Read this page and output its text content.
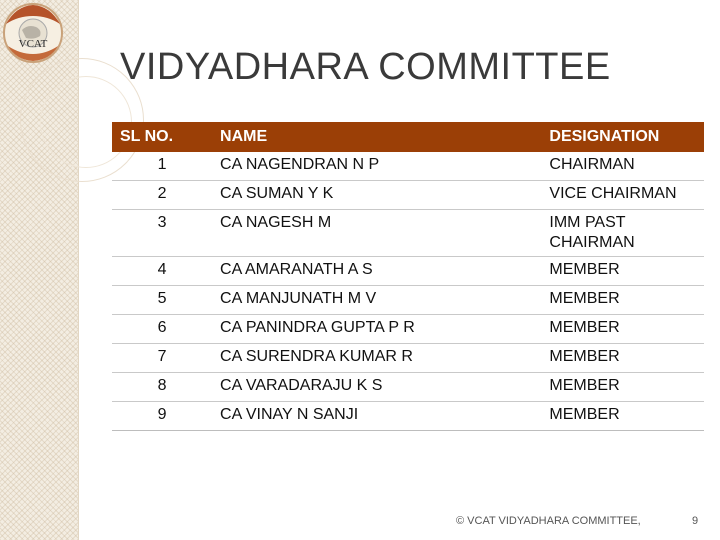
VCAT
VIDYADHARA COMMITTEE
SL NO.	NAME	DESIGNATION
1	CA NAGENDRAN N P	CHAIRMAN
2	CA SUMAN Y K	VICE CHAIRMAN
3	CA NAGESH M	IMM PAST CHAIRMAN
4	CA AMARANATH A S	MEMBER
5	CA MANJUNATH M V	MEMBER
6	CA PANINDRA GUPTA P R	MEMBER
7	CA SURENDRA KUMAR R	MEMBER
8	CA VARADARAJU K S	MEMBER
9	CA VINAY N SANJI	MEMBER
© VCAT VIDYADHARA COMMITTEE,	9
